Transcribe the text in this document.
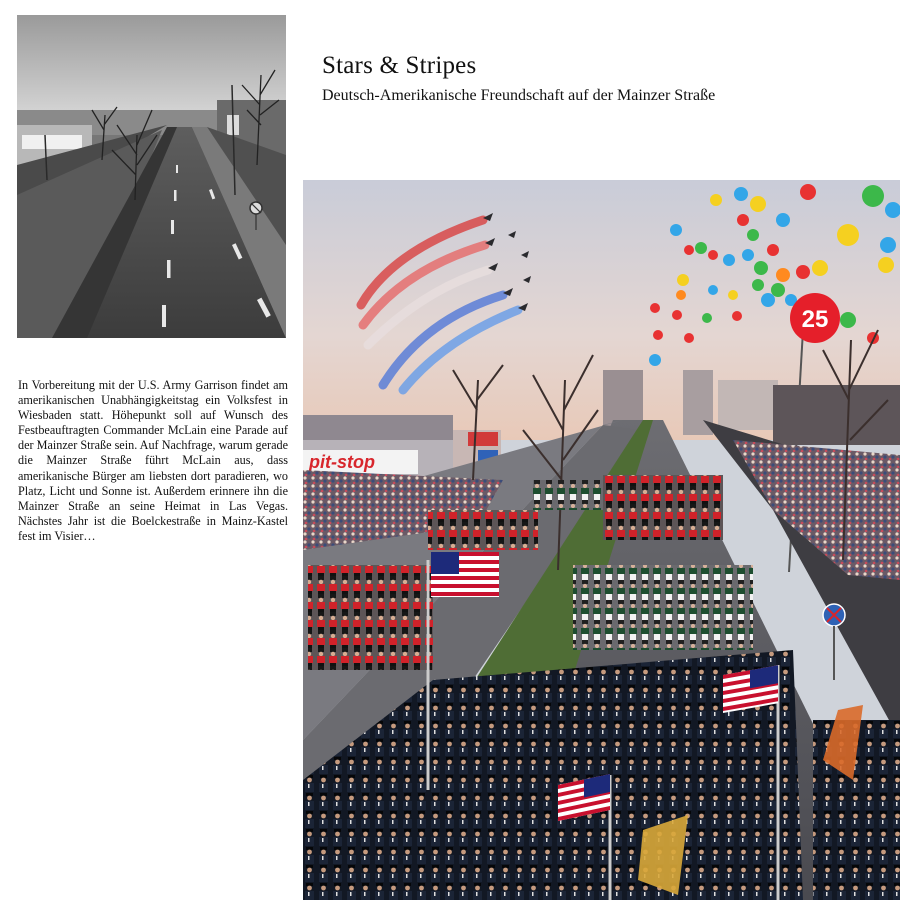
Stars & Stripes

Deutsch-Amerikanische Freundschaft auf der Mainzer Straße

In Vorbereitung mit der U.S. Army Garrison findet am amerikanischen Unabhängigkeitstag ein Volksfest in Wiesbaden statt. Höhepunkt soll auf Wunsch des Festbeauftragten Commander McLain eine Parade auf der Mainzer Straße sein. Auf Nachfrage, warum gerade die Mainzer Straße führt McLain aus, dass amerikanische Bürger am liebsten dort paradieren, wo Platz, Licht und Sonne ist. Außerdem erinnere ihn die Mainzer Straße an seine Heimat in Las Vegas. Nächstes Jahr ist die Boelckestraße in Mainz-Kastel fest im Visier…

25
pit-stop
